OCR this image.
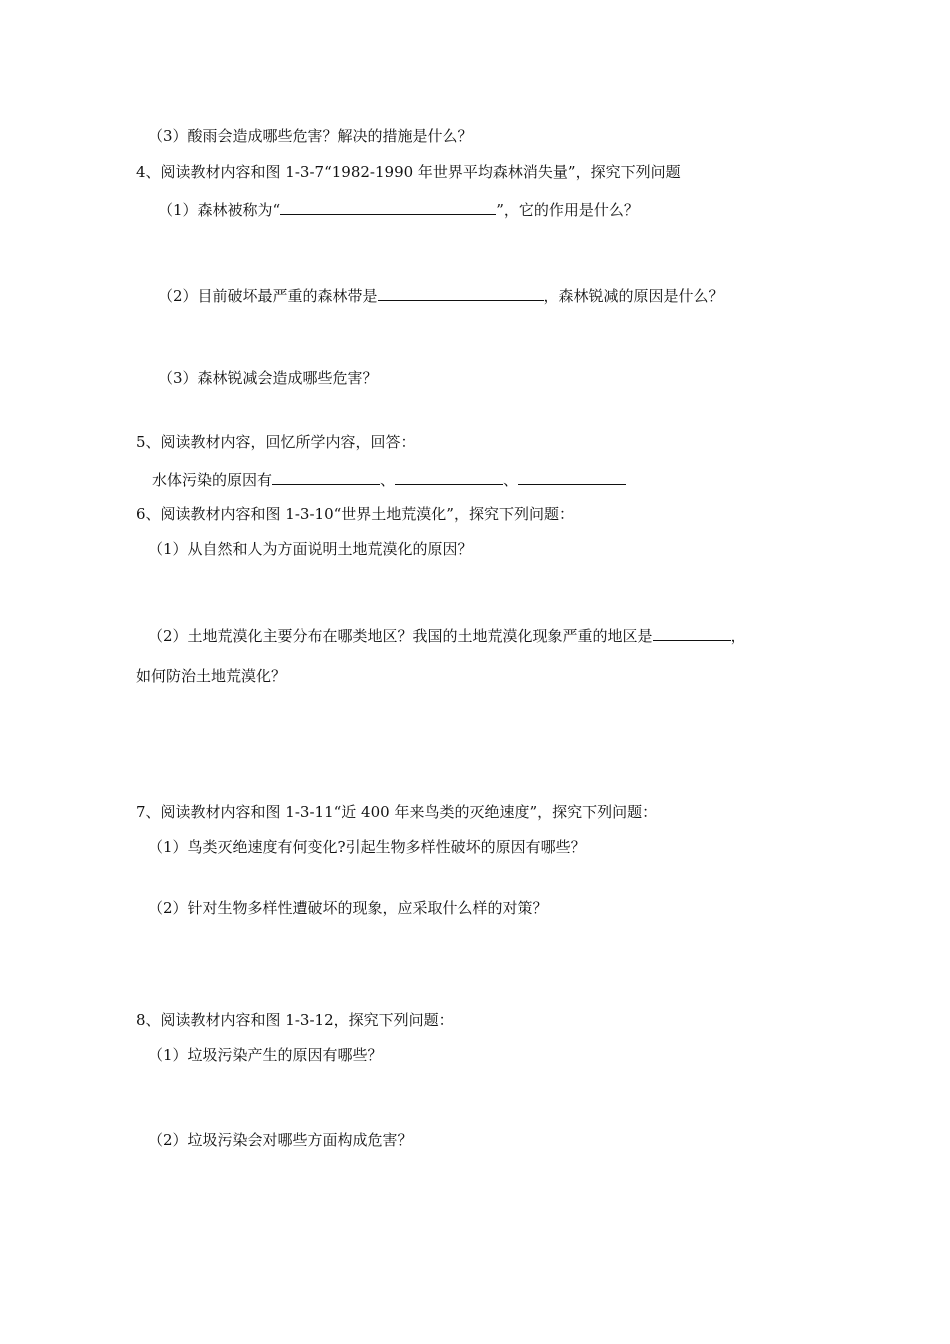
（3）酸雨会造成哪些危害？解决的措施是什么？
4、阅读教材内容和图 1-3-7“1982-1990 年世界平均森林消失量”，探究下列问题
（1）森林被称为“	”，它的作用是什么？
（2）目前破坏最严重的森林带是	，森林锐减的原因是什么？
（3）森林锐减会造成哪些危害？
5、阅读教材内容，回忆所学内容，回答：
水体污染的原因有	、	、
6、阅读教材内容和图 1-3-10“世界土地荒漠化”，探究下列问题：
（1）从自然和人为方面说明土地荒漠化的原因？
（2）土地荒漠化主要分布在哪类地区？我国的土地荒漠化现象严重的地区是	，
如何防治土地荒漠化？
7、阅读教材内容和图 1-3-11“近 400 年来鸟类的灭绝速度”，探究下列问题：
（1）鸟类灭绝速度有何变化?引起生物多样性破坏的原因有哪些？
（2）针对生物多样性遭破坏的现象，应采取什么样的对策？
8、阅读教材内容和图 1-3-12，探究下列问题：
（1）垃圾污染产生的原因有哪些？
（2）垃圾污染会对哪些方面构成危害？
